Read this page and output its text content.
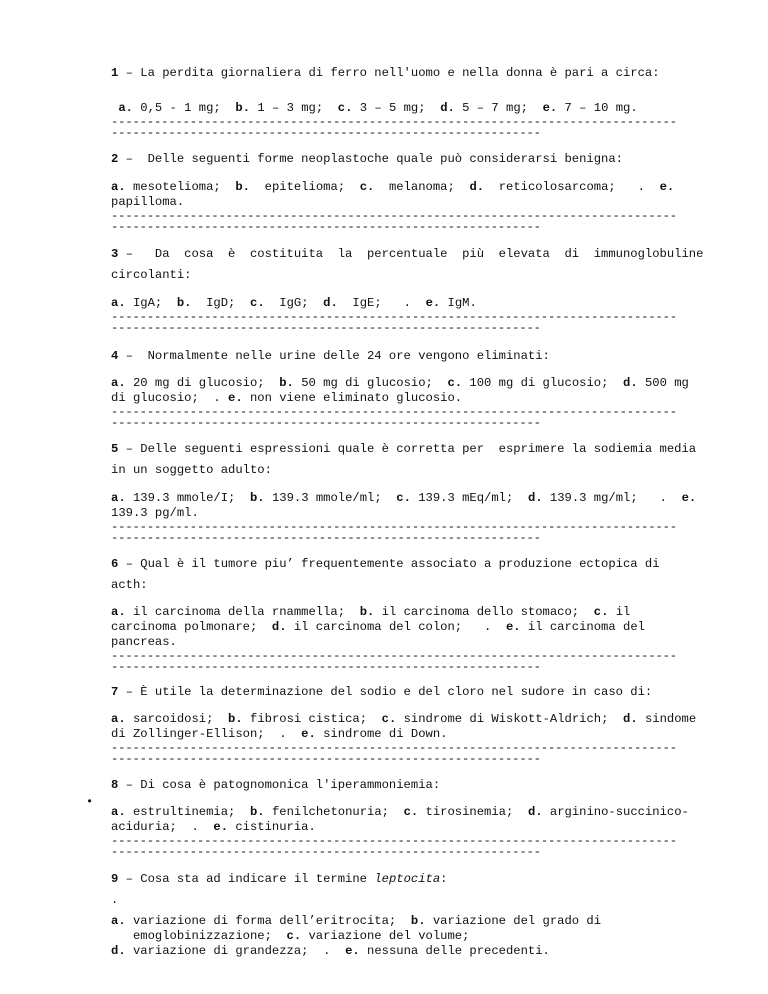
1 – La perdita giornaliera di ferro nell'uomo e nella donna è pari a circa:
a. 0,5 - 1 mg;  b. 1 – 3 mg;  c. 3 – 5 mg;  d. 5 – 7 mg;  e. 7 – 10 mg.
-------------------------------------------------------------------------------
------------------------------------------------------------
2 –  Delle seguenti forme neoplastoche quale può considerarsi benigna:
a. mesotelioma;  b.  epitelioma;  c.  melanoma;  d.  reticolosarcoma;   .  e.
papilloma.
-------------------------------------------------------------------------------
------------------------------------------------------------
3 –   Da  cosa  è  costituita  la  percentuale  più  elevata  di  immunoglobuline
circolanti:
a. IgA;  b.  IgD;  c.  IgG;  d.  IgE;   .  e. IgM.
-------------------------------------------------------------------------------
------------------------------------------------------------
4 –  Normalmente nelle urine delle 24 ore vengono eliminati:
a. 20 mg di glucosio;  b. 50 mg di glucosio;  c. 100 mg di glucosio;  d. 500 mg
di glucosio;  . e. non viene eliminato glucosio.
-------------------------------------------------------------------------------
------------------------------------------------------------
5 – Delle seguenti espressioni quale è corretta per  esprimere la sodiemia media
in un soggetto adulto:
a. 139.3 mmole/I;  b. 139.3 mmole/ml;  c. 139.3 mEq/ml;  d. 139.3 mg/ml;   .  e.
139.3 pg/ml.
-------------------------------------------------------------------------------
------------------------------------------------------------
6 – Qual è il tumore piu’ frequentemente associato a produzione ectopica di
acth:
a. il carcinoma della rnammella;  b. il carcinoma dello stomaco;  c. il
carcinoma polmonare;  d. il carcinoma del colon;   .  e. il carcinoma del
pancreas.
-------------------------------------------------------------------------------
------------------------------------------------------------
7 – È utile la determinazione del sodio e del cloro nel sudore in caso di:
a. sarcoidosi;  b. fibrosi cistica;  c. sindrome di Wiskott-Aldrich;  d. sindome
di Zollinger-Ellison;  .  e. sindrome di Down.
-------------------------------------------------------------------------------
------------------------------------------------------------
8 – Di cosa è patognomonica l'iperammoniemia:
a. estrultinemia;  b. fenilchetonuria;  c. tirosinemia;  d. arginino-succinico-
aciduria;  .  e. cistinuria.
-------------------------------------------------------------------------------
------------------------------------------------------------
9 – Cosa sta ad indicare il termine leptocita:
a. variazione di forma dell’eritrocita;  b. variazione del grado di
emoglobinizzazione;  c. variazione del volume;
d. variazione di grandezza;  .  e. nessuna delle precedenti.
•
.
